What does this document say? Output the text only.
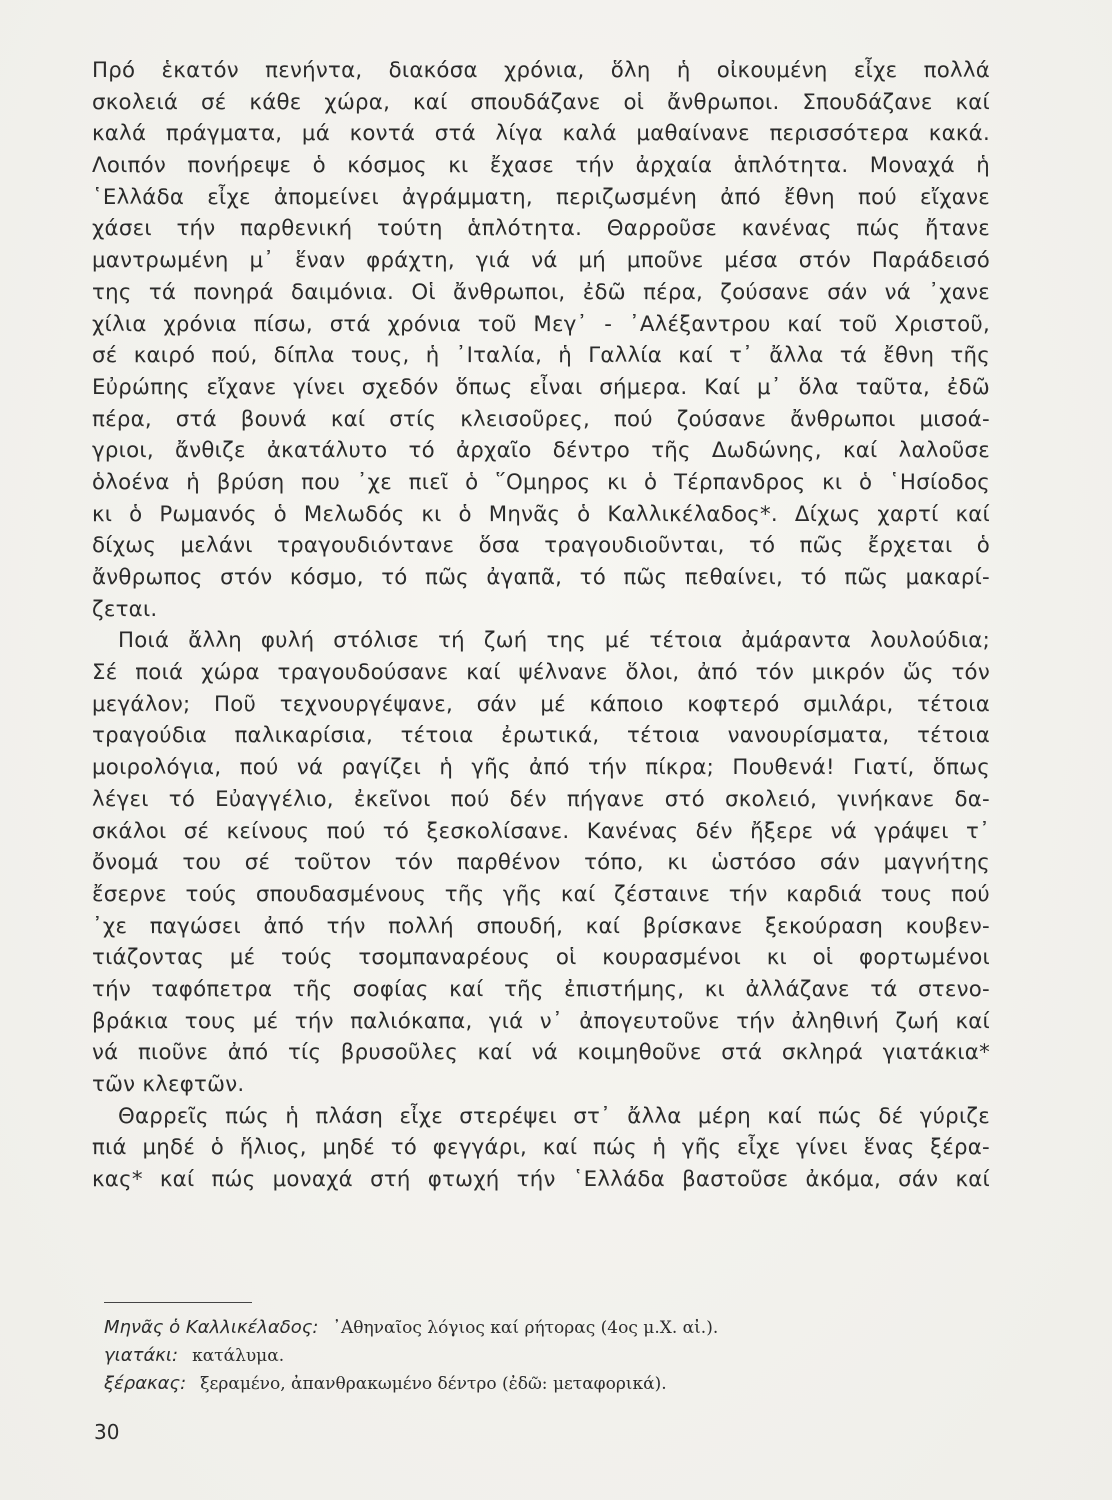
Πρό ἑκατόν πενήντα, διακόσα χρόνια, ὅλη ἡ οἰκουμένη εἶχε πολλά
σκολειά σέ κάθε χώρα, καί σπουδάζανε οἱ ἄνθρωποι. Σπουδάζανε καί
καλά πράγματα, μά κοντά στά λίγα καλά μαθαίνανε περισσότερα κακά.
Λοιπόν πονήρεψε ὁ κόσμος κι ἔχασε τήν ἀρχαία ἁπλότητα. Μοναχά ἡ
῾Ελλάδα εἶχε ἀπομείνει ἀγράμματη, περιζωσμένη ἀπό ἔθνη πού εἴχανε
χάσει τήν παρθενική τούτη ἁπλότητα. Θαρροῦσε κανένας πώς ἤτανε
μαντρωμένη μ᾿ ἕναν φράχτη, γιά νά μή μποῦνε μέσα στόν Παράδεισό
της τά πονηρά δαιμόνια. Οἱ ἄνθρωποι, ἐδῶ πέρα, ζούσανε σάν νά ᾿χανε
χίλια χρόνια πίσω, στά χρόνια τοῦ Μεγ᾿ - ᾿Αλέξαντρου καί τοῦ Χριστοῦ,
σέ καιρό πού, δίπλα τους, ἡ ᾿Ιταλία, ἡ Γαλλία καί τ᾿ ἄλλα τά ἔθνη τῆς
Εὐρώπης εἴχανε γίνει σχεδόν ὅπως εἶναι σήμερα. Καί μ᾿ ὅλα ταῦτα, ἐδῶ
πέρα, στά βουνά καί στίς κλεισοῦρες, πού ζούσανε ἄνθρωποι μισοά-
γριοι, ἄνθιζε ἀκατάλυτο τό ἀρχαῖο δέντρο τῆς Δωδώνης, καί λαλοῦσε
ὁλοένα ἡ βρύση που ᾿χε πιεῖ ὁ ῞Ομηρος κι ὁ Τέρπανδρος κι ὁ ῾Ησίοδος
κι ὁ Ρωμανός ὁ Μελωδός κι ὁ Μηνᾶς ὁ Καλλικέλαδος*. Δίχως χαρτί καί
δίχως μελάνι τραγουδιόντανε ὅσα τραγουδιοῦνται, τό πῶς ἔρχεται ὁ
ἄνθρωπος στόν κόσμο, τό πῶς ἀγαπᾶ, τό πῶς πεθαίνει, τό πῶς μακαρί-
ζεται.
Ποιά ἄλλη φυλή στόλισε τή ζωή της μέ τέτοια ἀμάραντα λουλούδια;
Σέ ποιά χώρα τραγουδούσανε καί ψέλνανε ὅλοι, ἀπό τόν μικρόν ὥς τόν
μεγάλον; Ποῦ τεχνουργέψανε, σάν μέ κάποιο κοφτερό σμιλάρι, τέτοια
τραγούδια παλικαρίσια, τέτοια ἐρωτικά, τέτοια νανουρίσματα, τέτοια
μοιρολόγια, πού νά ραγίζει ἡ γῆς ἀπό τήν πίκρα; Πουθενά! Γιατί, ὅπως
λέγει τό Εὐαγγέλιο, ἐκεῖνοι πού δέν πήγανε στό σκολειό, γινήκανε δα-
σκάλοι σέ κείνους πού τό ξεσκολίσανε. Κανένας δέν ἤξερε νά γράψει τ᾿
ὄνομά του σέ τοῦτον τόν παρθένον τόπο, κι ὡστόσο σάν μαγνήτης
ἔσερνε τούς σπουδασμένους τῆς γῆς καί ζέσταινε τήν καρδιά τους πού
᾿χε παγώσει ἀπό τήν πολλή σπουδή, καί βρίσκανε ξεκούραση κουβεν-
τιάζοντας μέ τούς τσομπαναρέους οἱ κουρασμένοι κι οἱ φορτωμένοι
τήν ταφόπετρα τῆς σοφίας καί τῆς ἐπιστήμης, κι ἀλλάζανε τά στενο-
βράκια τους μέ τήν παλιόκαπα, γιά ν᾿ ἀπογευτοῦνε τήν ἀληθινή ζωή καί
νά πιοῦνε ἀπό τίς βρυσοῦλες καί νά κοιμηθοῦνε στά σκληρά γιατάκια*
τῶν κλεφτῶν.
Θαρρεῖς πώς ἡ πλάση εἶχε στερέψει στ᾿ ἄλλα μέρη καί πώς δέ γύριζε
πιά μηδέ ὁ ἥλιος, μηδέ τό φεγγάρι, καί πώς ἡ γῆς εἶχε γίνει ἕνας ξέρα-
κας* καί πώς μοναχά στή φτωχή τήν ῾Ελλάδα βαστοῦσε ἀκόμα, σάν καί
Μηνᾶς ὁ Καλλικέλαδος: ᾿Αθηναῖος λόγιος καί ρήτορας (4ος μ.Χ. αἰ.).
γιατάκι: κατάλυμα.
ξέρακας: ξεραμένο, ἀπανθρακωμένο δέντρο (ἐδῶ: μεταφορικά).
30
